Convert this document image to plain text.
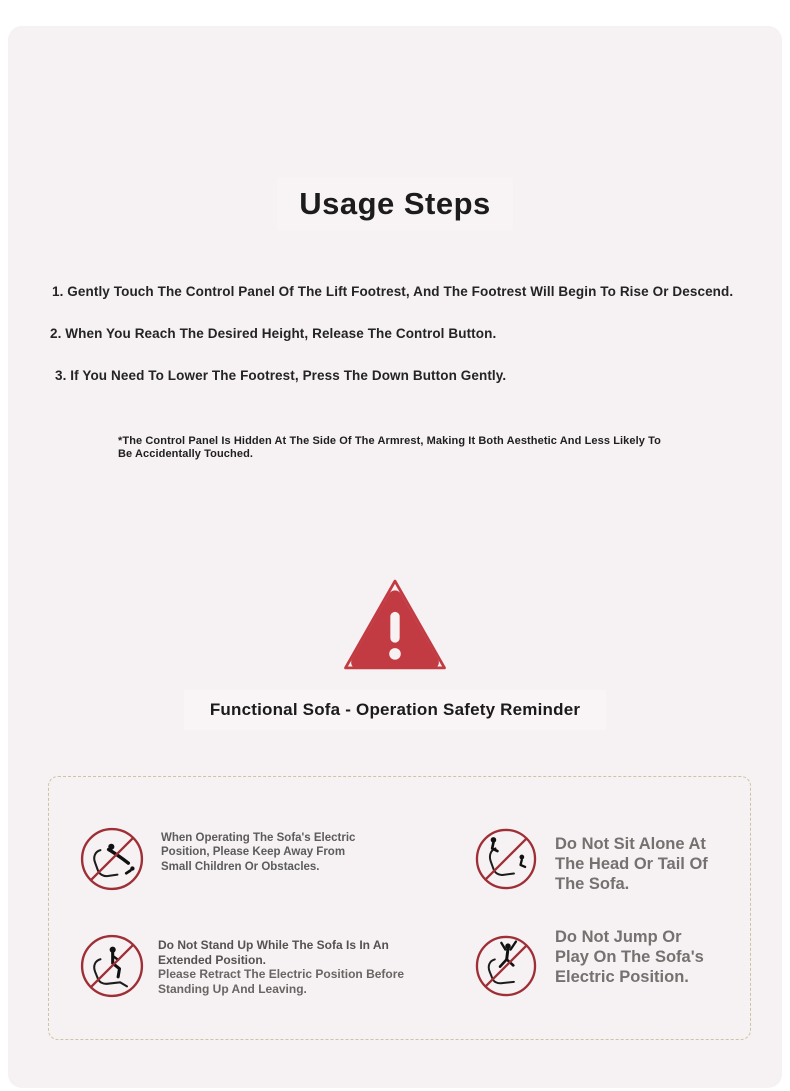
Usage Steps
1. Gently Touch The Control Panel Of The Lift Footrest, And The Footrest Will Begin To Rise Or Descend.
2. When You Reach The Desired Height, Release The Control Button.
3. If You Need To Lower The Footrest, Press The Down Button Gently.

*The Control Panel Is Hidden At The Side Of The Armrest, Making It Both Aesthetic And Less Likely To Be Accidentally Touched.

Functional Sofa - Operation Safety Reminder

When Operating The Sofa's Electric Position, Please Keep Away From Small Children Or Obstacles.

Do Not Sit Alone At The Head Or Tail Of The Sofa.

Do Not Stand Up While The Sofa Is In An Extended Position.
Please Retract The Electric Position Before Standing Up And Leaving.

Do Not Jump Or Play On The Sofa's Electric Position.
